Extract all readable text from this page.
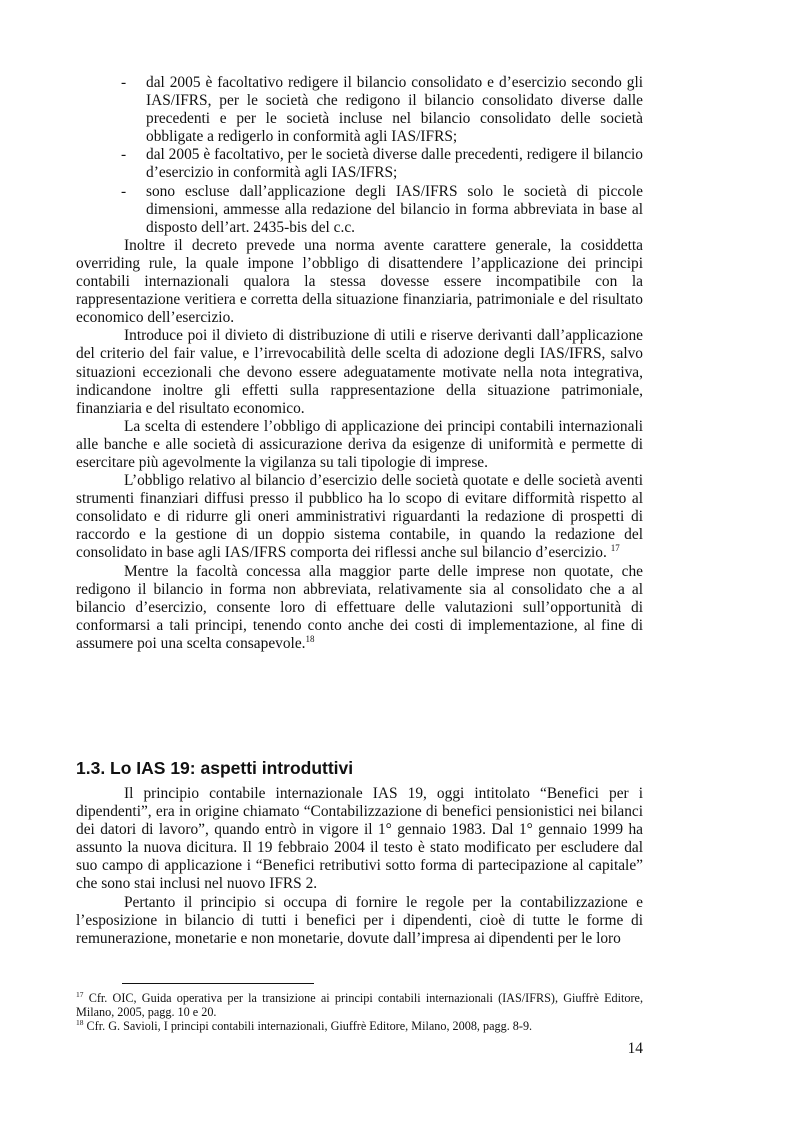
- dal 2005 è facoltativo redigere il bilancio consolidato e d’esercizio secondo gli IAS/IFRS, per le società che redigono il bilancio consolidato diverse dalle precedenti e per le società incluse nel bilancio consolidato delle società obbligate a redigerlo in conformità agli IAS/IFRS;
- dal 2005 è facoltativo, per le società diverse dalle precedenti, redigere il bilancio d’esercizio in conformità agli IAS/IFRS;
- sono escluse dall’applicazione degli IAS/IFRS solo le società di piccole dimensioni, ammesse alla redazione del bilancio in forma abbreviata in base al disposto dell’art. 2435-bis del c.c.

Inoltre il decreto prevede una norma avente carattere generale, la cosiddetta overriding rule, la quale impone l’obbligo di disattendere l’applicazione dei principi contabili internazionali qualora la stessa dovesse essere incompatibile con la rappresentazione veritiera e corretta della situazione finanziaria, patrimoniale e del risultato economico dell’esercizio.

Introduce poi il divieto di distribuzione di utili e riserve derivanti dall’applicazione del criterio del fair value, e l’irrevocabilità delle scelta di adozione degli IAS/IFRS, salvo situazioni eccezionali che devono essere adeguatamente motivate nella nota integrativa, indicandone inoltre gli effetti sulla rappresentazione della situazione patrimoniale, finanziaria e del risultato economico.

La scelta di estendere l’obbligo di applicazione dei principi contabili internazionali alle banche e alle società di assicurazione deriva da esigenze di uniformità e permette di esercitare più agevolmente la vigilanza su tali tipologie di imprese.

L’obbligo relativo al bilancio d’esercizio delle società quotate e delle società aventi strumenti finanziari diffusi presso il pubblico ha lo scopo di evitare difformità rispetto al consolidato e di ridurre gli oneri amministrativi riguardanti la redazione di prospetti di raccordo e la gestione di un doppio sistema contabile, in quando la redazione del consolidato in base agli IAS/IFRS comporta dei riflessi anche sul bilancio d’esercizio. $^{17}$

Mentre la facoltà concessa alla maggior parte delle imprese non quotate, che redigono il bilancio in forma non abbreviata, relativamente sia al consolidato che a al bilancio d’esercizio, consente loro di effettuare delle valutazioni sull’opportunità di conformarsi a tali principi, tenendo conto anche dei costi di implementazione, al fine di assumere poi una scelta consapevole.$^{18}$

1.3. Lo IAS 19: aspetti introduttivi

Il principio contabile internazionale IAS 19, oggi intitolato “Benefici per i dipendenti”, era in origine chiamato “Contabilizzazione di benefici pensionistici nei bilanci dei datori di lavoro”, quando entrò in vigore il 1° gennaio 1983. Dal 1° gennaio 1999 ha assunto la nuova dicitura. Il 19 febbraio 2004 il testo è stato modificato per escludere dal suo campo di applicazione i “Benefici retributivi sotto forma di partecipazione al capitale” che sono stai inclusi nel nuovo IFRS 2.

Pertanto il principio si occupa di fornire le regole per la contabilizzazione e l’esposizione in bilancio di tutti i benefici per i dipendenti, cioè di tutte le forme di remunerazione, monetarie e non monetarie, dovute dall’impresa ai dipendenti per le loro

$^{17}$ Cfr. OIC, Guida operativa per la transizione ai principi contabili internazionali (IAS/IFRS), Giuffrè Editore, Milano, 2005, pagg. 10 e 20.

$^{18}$ Cfr. G. Savioli, I principi contabili internazionali, Giuffrè Editore, Milano, 2008, pagg. 8-9.

14
